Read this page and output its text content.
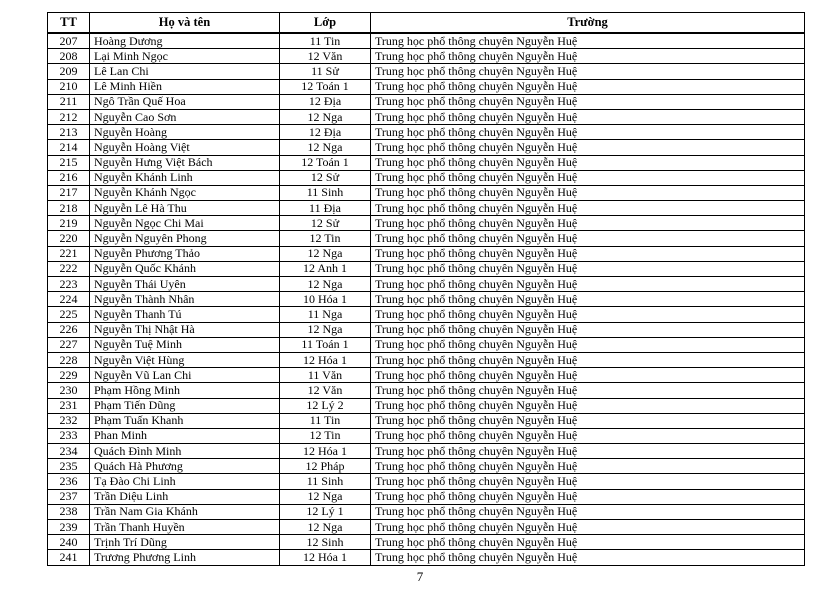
TT	Họ và tên	Lớp	Trường
207	Hoàng Dương	11 Tin	Trung học phổ thông chuyên Nguyễn Huệ
208	Lại Minh Ngọc	12 Văn	Trung học phổ thông chuyên Nguyễn Huệ
209	Lê Lan Chi	11 Sử	Trung học phổ thông chuyên Nguyễn Huệ
210	Lê Minh Hiền	12 Toán 1	Trung học phổ thông chuyên Nguyễn Huệ
211	Ngô Trần Quế Hoa	12 Địa	Trung học phổ thông chuyên Nguyễn Huệ
212	Nguyễn Cao Sơn	12 Nga	Trung học phổ thông chuyên Nguyễn Huệ
213	Nguyễn Hoàng	12 Địa	Trung học phổ thông chuyên Nguyễn Huệ
214	Nguyễn Hoàng Việt	12 Nga	Trung học phổ thông chuyên Nguyễn Huệ
215	Nguyễn Hưng Việt Bách	12 Toán 1	Trung học phổ thông chuyên Nguyễn Huệ
216	Nguyễn Khánh Linh	12 Sử	Trung học phổ thông chuyên Nguyễn Huệ
217	Nguyễn Khánh Ngọc	11 Sinh	Trung học phổ thông chuyên Nguyễn Huệ
218	Nguyễn Lê Hà Thu	11 Địa	Trung học phổ thông chuyên Nguyễn Huệ
219	Nguyễn Ngọc Chi Mai	12 Sử	Trung học phổ thông chuyên Nguyễn Huệ
220	Nguyễn Nguyên Phong	12 Tin	Trung học phổ thông chuyên Nguyễn Huệ
221	Nguyễn Phương Thảo	12 Nga	Trung học phổ thông chuyên Nguyễn Huệ
222	Nguyễn Quốc Khánh	12 Anh 1	Trung học phổ thông chuyên Nguyễn Huệ
223	Nguyễn Thái Uyên	12 Nga	Trung học phổ thông chuyên Nguyễn Huệ
224	Nguyễn Thành Nhân	10 Hóa 1	Trung học phổ thông chuyên Nguyễn Huệ
225	Nguyễn Thanh Tú	11 Nga	Trung học phổ thông chuyên Nguyễn Huệ
226	Nguyễn Thị Nhật Hà	12 Nga	Trung học phổ thông chuyên Nguyễn Huệ
227	Nguyễn Tuệ Minh	11 Toán 1	Trung học phổ thông chuyên Nguyễn Huệ
228	Nguyễn Việt Hùng	12 Hóa 1	Trung học phổ thông chuyên Nguyễn Huệ
229	Nguyễn Vũ Lan Chi	11 Văn	Trung học phổ thông chuyên Nguyễn Huệ
230	Phạm Hồng Minh	12 Văn	Trung học phổ thông chuyên Nguyễn Huệ
231	Phạm Tiến Dũng	12 Lý 2	Trung học phổ thông chuyên Nguyễn Huệ
232	Phạm Tuấn Khanh	11 Tin	Trung học phổ thông chuyên Nguyễn Huệ
233	Phan Minh	12 Tin	Trung học phổ thông chuyên Nguyễn Huệ
234	Quách Đình Minh	12 Hóa 1	Trung học phổ thông chuyên Nguyễn Huệ
235	Quách Hà Phương	12 Pháp	Trung học phổ thông chuyên Nguyễn Huệ
236	Tạ Đào Chi Linh	11 Sinh	Trung học phổ thông chuyên Nguyễn Huệ
237	Trần Diệu Linh	12 Nga	Trung học phổ thông chuyên Nguyễn Huệ
238	Trần Nam Gia Khánh	12 Lý 1	Trung học phổ thông chuyên Nguyễn Huệ
239	Trần Thanh Huyền	12 Nga	Trung học phổ thông chuyên Nguyễn Huệ
240	Trịnh Trí Dũng	12 Sinh	Trung học phổ thông chuyên Nguyễn Huệ
241	Trương Phương Linh	12 Hóa 1	Trung học phổ thông chuyên Nguyễn Huệ
7
